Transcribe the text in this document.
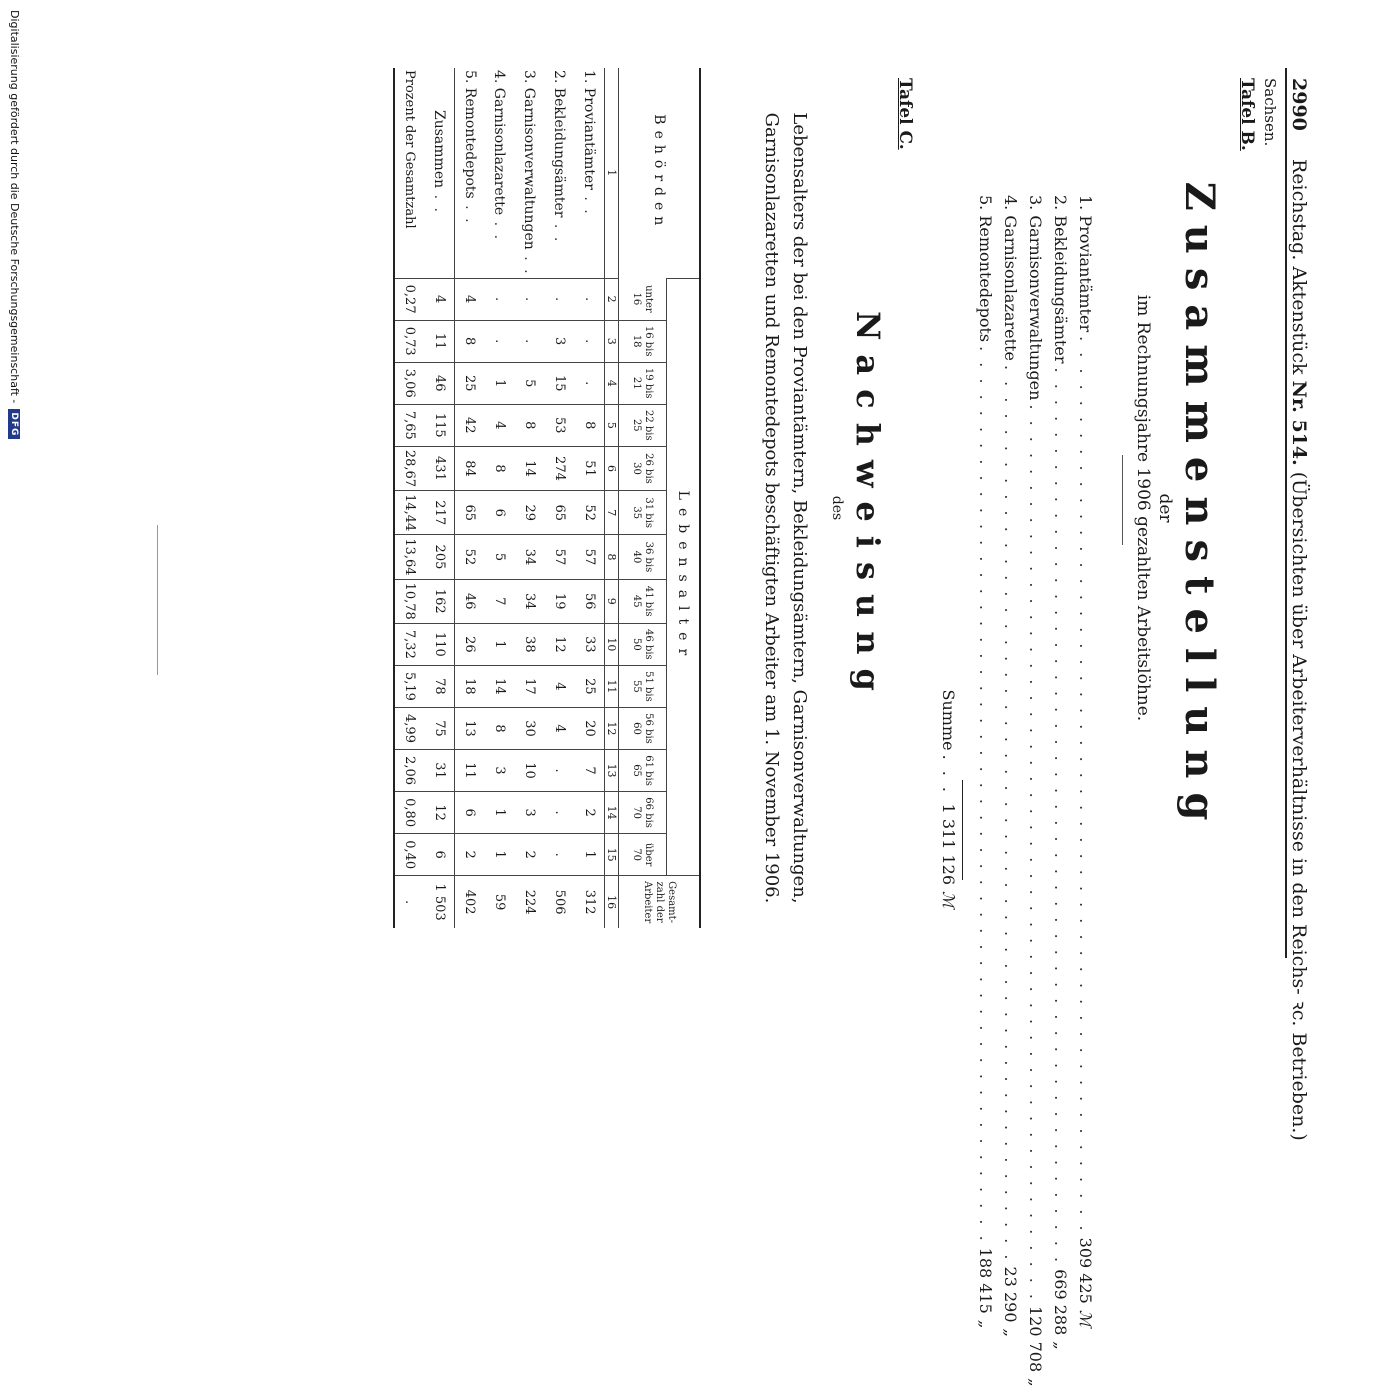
2990 Reichstag. Aktenstück Nr. 514. (Übersichten über Arbeiterverhältnisse in den Reichs- ꝛc. Betrieben.)
Sachsen.
Tafel B.
Zusammenstellung
der
im Rechnungsjahre 1906 gezahlten Arbeitslöhne.
1. Proviantämter
. . . . . . . . . . . . . . . . . . . . . . . . . . . . . . . . . . . . . . . . . . . . . . . . . . . . . . . .
309 425
ℳ
2. Bekleidungsämter
. . . . . . . . . . . . . . . . . . . . . . . . . . . . . . . . . . . . . . . . . . . . . . . . . . . . . . . .
669 288
„
3. Garnisonverwaltungen
. . . . . . . . . . . . . . . . . . . . . . . . . . . . . . . . . . . . . . . . . . . . . . . . . . . . . . . .
120 708
„
4. Garnisonlazarette
. . . . . . . . . . . . . . . . . . . . . . . . . . . . . . . . . . . . . . . . . . . . . . . . . . . . . . . .
23 290
„
5. Remontedepots
. . . . . . . . . . . . . . . . . . . . . . . . . . . . . . . . . . . . . . . . . . . . . . . . . . . . . . . .
188 415
„
Summe
. . .
1 311 126
ℳ
Tafel C.
Nachweisung
des
Lebensalters der bei den Proviantämtern, Bekleidungsämtern, Garnisonverwaltungen, Garnisonlazaretten und Remontedepots beschäftigten Arbeiter am 1. November 1906.
Behörden	Lebensalter														Gesamt-zahl der Arbeiter
	unter 16	16 bis 18	19 bis 21	22 bis 25	26 bis 30	31 bis 35	36 bis 40	41 bis 45	46 bis 50	51 bis 55	56 bis 60	61 bis 65	66 bis 70	über 70	
1	2	3	4	5	6	7	8	9	10	11	12	13	14	15	16
1. Proviantämter . .	.	.	.	8	51	52	57	56	33	25	20	7	2	1	312
2. Bekleidungsämter . .	.	3	15	53	274	65	57	19	12	4	4	.	.	.	506
3. Garnisonverwaltungen . .	.	.	5	8	14	29	34	34	38	17	30	10	3	2	224
4. Garnisonlazarette . .	.	.	1	4	8	6	5	7	1	14	8	3	1	1	59
5. Remontedepots . .	4	8	25	42	84	65	52	46	26	18	13	11	6	2	402
Zusammen . .	4	11	46	115	431	217	205	162	110	78	75	31	12	6	1 503
Prozent der Gesamtzahl	0,27	0,73	3,06	7,65	28,67	14,44	13,64	10,78	7,32	5,19	4,99	2,06	0,80	0,40	.
Digitalisierung gefördert durch die Deutsche Forschungsgemeinschaft -
DFG
